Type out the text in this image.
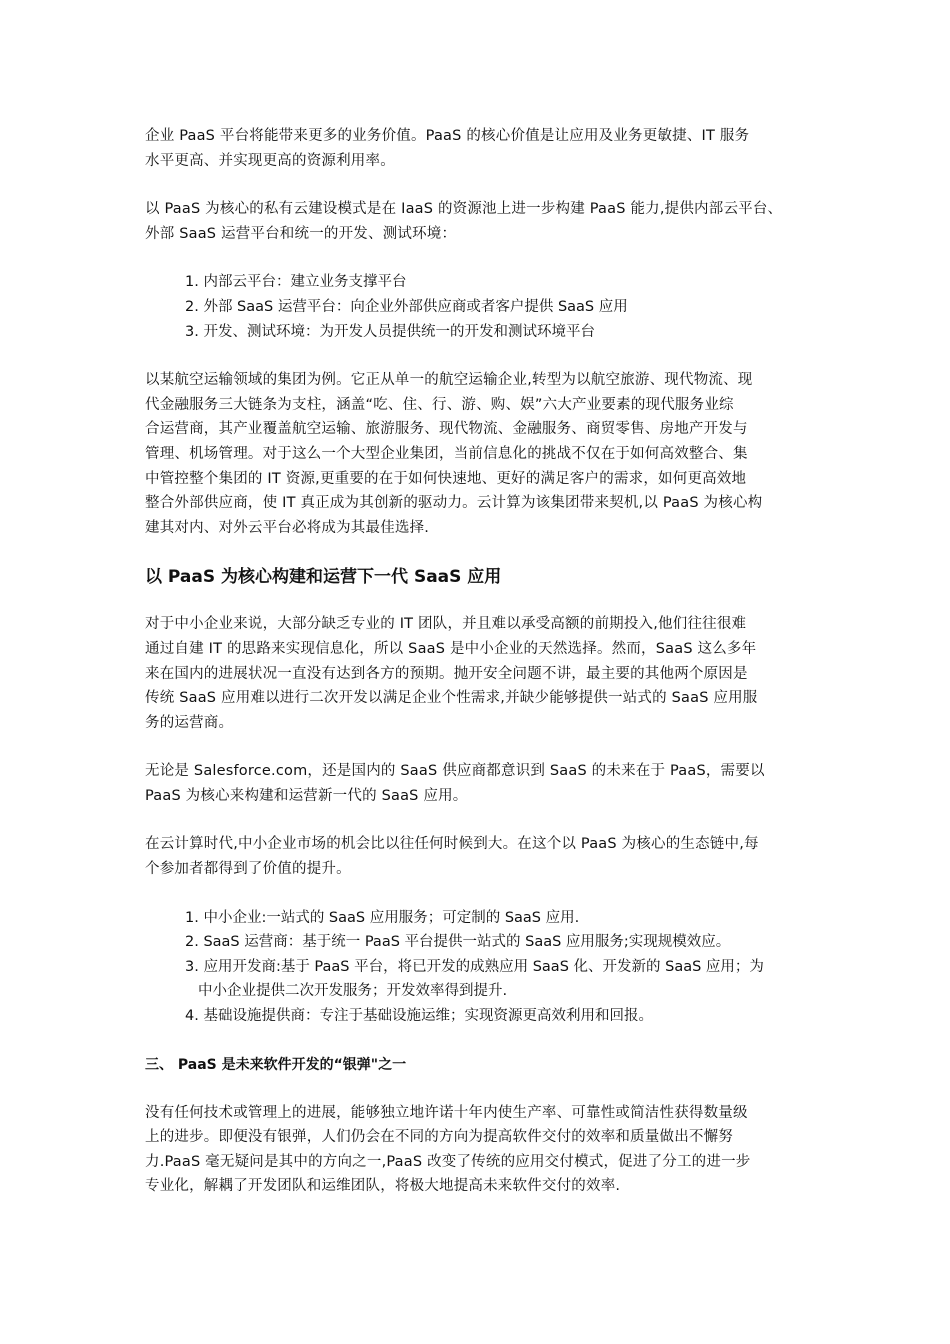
企业 PaaS 平台将能带来更多的业务价值。PaaS 的核心价值是让应用及业务更敏捷、IT 服务
水平更高、并实现更高的资源利用率。

以 PaaS 为核心的私有云建设模式是在 IaaS 的资源池上进一步构建 PaaS 能力,提供内部云平台、
外部 SaaS 运营平台和统一的开发、测试环境：

1. 内部云平台：建立业务支撑平台
2. 外部 SaaS 运营平台：向企业外部供应商或者客户提供 SaaS 应用
3. 开发、测试环境：为开发人员提供统一的开发和测试环境平台

以某航空运输领域的集团为例。它正从单一的航空运输企业,转型为以航空旅游、现代物流、现
代金融服务三大链条为支柱，涵盖“吃、住、行、游、购、娱”六大产业要素的现代服务业综
合运营商，其产业覆盖航空运输、旅游服务、现代物流、金融服务、商贸零售、房地产开发与
管理、机场管理。对于这么一个大型企业集团，当前信息化的挑战不仅在于如何高效整合、集
中管控整个集团的 IT 资源,更重要的在于如何快速地、更好的满足客户的需求，如何更高效地
整合外部供应商，使 IT 真正成为其创新的驱动力。云计算为该集团带来契机,以 PaaS 为核心构
建其对内、对外云平台必将成为其最佳选择.

以 PaaS 为核心构建和运营下一代 SaaS 应用

对于中小企业来说，大部分缺乏专业的 IT 团队，并且难以承受高额的前期投入,他们往往很难
通过自建 IT 的思路来实现信息化，所以 SaaS 是中小企业的天然选择。然而，SaaS 这么多年
来在国内的进展状况一直没有达到各方的预期。抛开安全问题不讲，最主要的其他两个原因是
传统 SaaS 应用难以进行二次开发以满足企业个性需求,并缺少能够提供一站式的 SaaS 应用服
务的运营商。

无论是 Salesforce.com，还是国内的 SaaS 供应商都意识到 SaaS 的未来在于 PaaS，需要以
PaaS 为核心来构建和运营新一代的 SaaS 应用。

在云计算时代,中小企业市场的机会比以往任何时候到大。在这个以 PaaS 为核心的生态链中,每
个参加者都得到了价值的提升。

1. 中小企业:一站式的 SaaS 应用服务；可定制的 SaaS 应用.
2. SaaS 运营商：基于统一 PaaS 平台提供一站式的 SaaS 应用服务;实现规模效应。
3. 应用开发商:基于 PaaS 平台，将已开发的成熟应用 SaaS 化、开发新的 SaaS 应用；为
中小企业提供二次开发服务；开发效率得到提升.
4. 基础设施提供商：专注于基础设施运维；实现资源更高效利用和回报。
三、 PaaS 是未来软件开发的“银弹"之一

没有任何技术或管理上的进展，能够独立地许诺十年内使生产率、可靠性或简洁性获得数量级
上的进步。即便没有银弹，人们仍会在不同的方向为提高软件交付的效率和质量做出不懈努
力.PaaS 毫无疑问是其中的方向之一,PaaS 改变了传统的应用交付模式，促进了分工的进一步
专业化，解耦了开发团队和运维团队，将极大地提高未来软件交付的效率.
